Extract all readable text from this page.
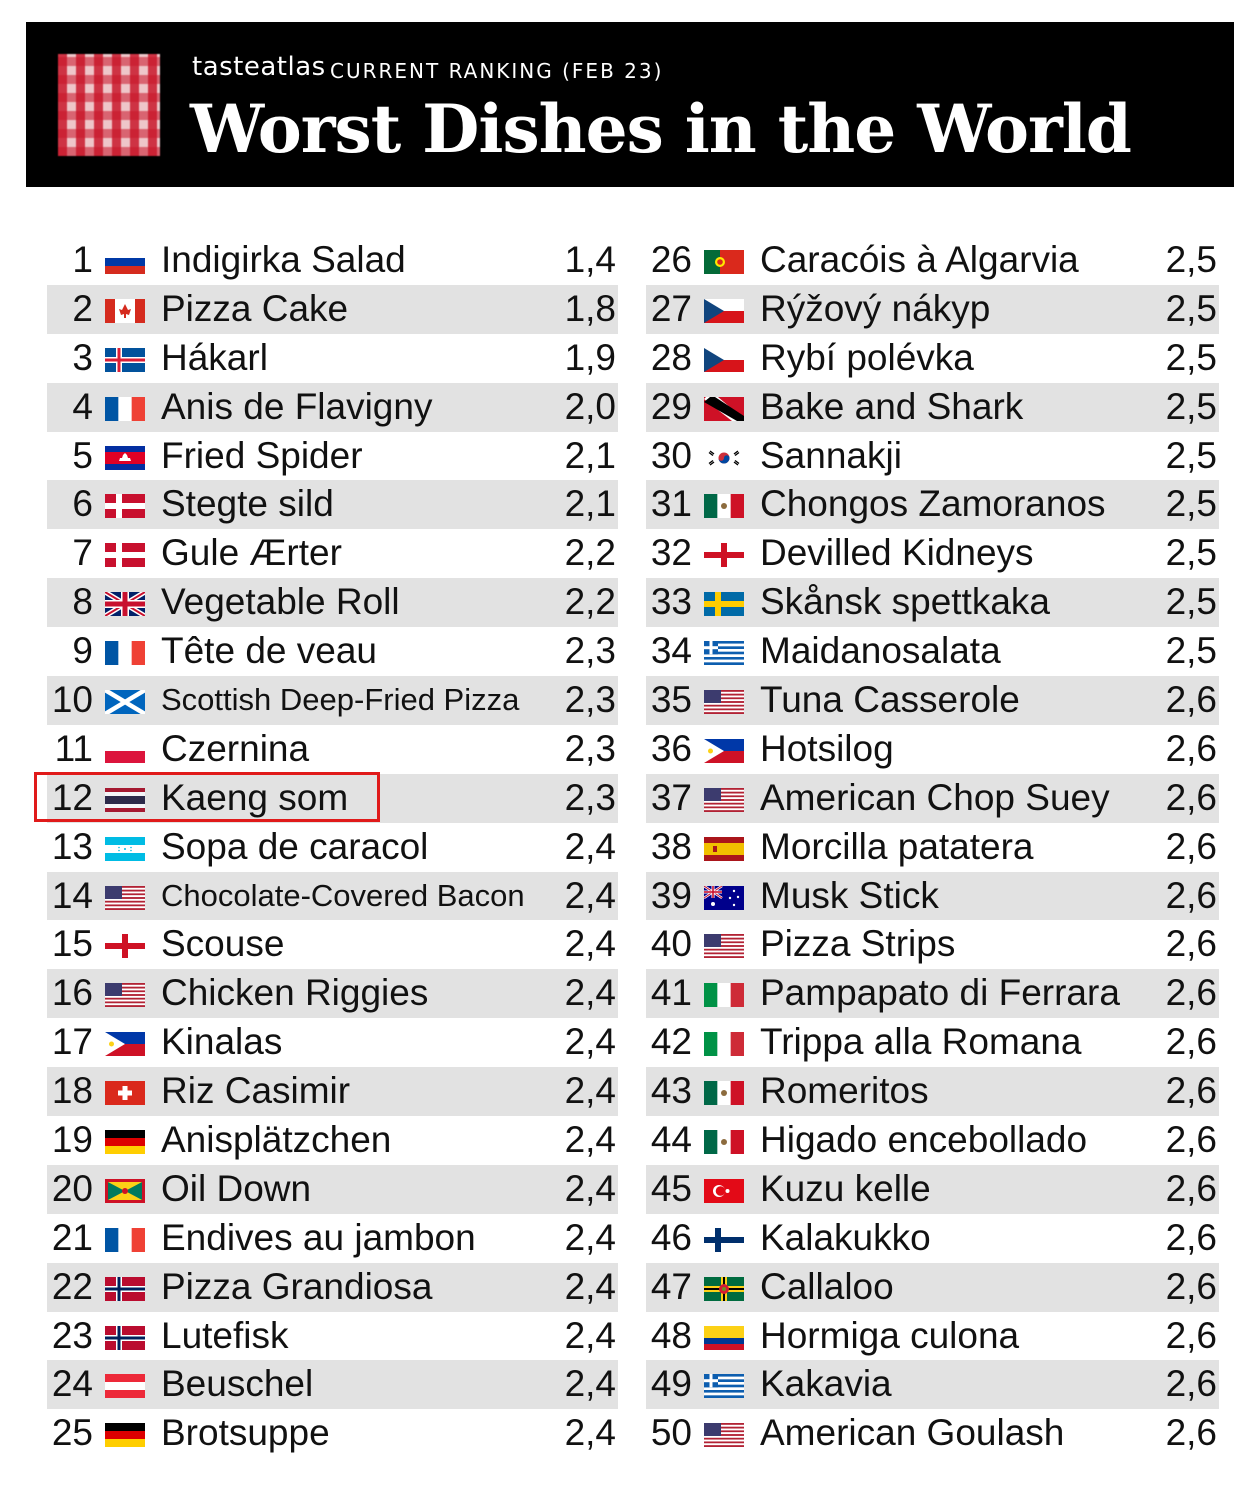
tasteatlas CURRENT RANKING (FEB 23)
Worst Dishes in the World
1 Indigirka Salad	1,4
2 Pizza Cake	1,8
3 Hákarl	1,9
4 Anis de Flavigny	2,0
5 Fried Spider	2,1
6 Stegte sild	2,1
7 Gule Ærter	2,2
8 Vegetable Roll	2,2
9 Tête de veau	2,3
10 Scottish Deep-Fried Pizza 2,3
11 Czernina	2,3
12 Kaeng som	2,3
13 Sopa de caracol	2,4
14 Chocolate-Covered Bacon 2,4
15 Scouse	2,4
16 Chicken Riggies	2,4
17 Kinalas	2,4
18 Riz Casimir	2,4
19 Anisplätzchen	2,4
20 Oil Down	2,4
21 Endives au jambon 2,4
22 Pizza Grandiosa	2,4
23 Lutefisk	2,4
24 Beuschel	2,4
25 Brotsuppe	2,4
26 Caracóis à Algarvia 2,5
27 Rýžový nákyp	2,5
28 Rybí polévka	2,5
29 Bake and Shark	2,5
30 Sannakji	2,5
31 Chongos Zamoranos 2,5
32 Devilled Kidneys	2,5
33 Skånsk spettkaka	2,5
34 Maidanosalata	2,5
35 Tuna Casserole	2,6
36 Hotsilog	2,6
37 American Chop Suey 2,6
38 Morcilla patatera	2,6
39 Musk Stick	2,6
40 Pizza Strips	2,6
41 Pampapato di Ferrara 2,6
42 Trippa alla Romana 2,6
43 Romeritos	2,6
44 Higado encebollado 2,6
45 Kuzu kelle	2,6
46 Kalakukko	2,6
47 Callaloo	2,6
48 Hormiga culona	2,6
49 Kakavia	2,6
50 American Goulash	2,6
